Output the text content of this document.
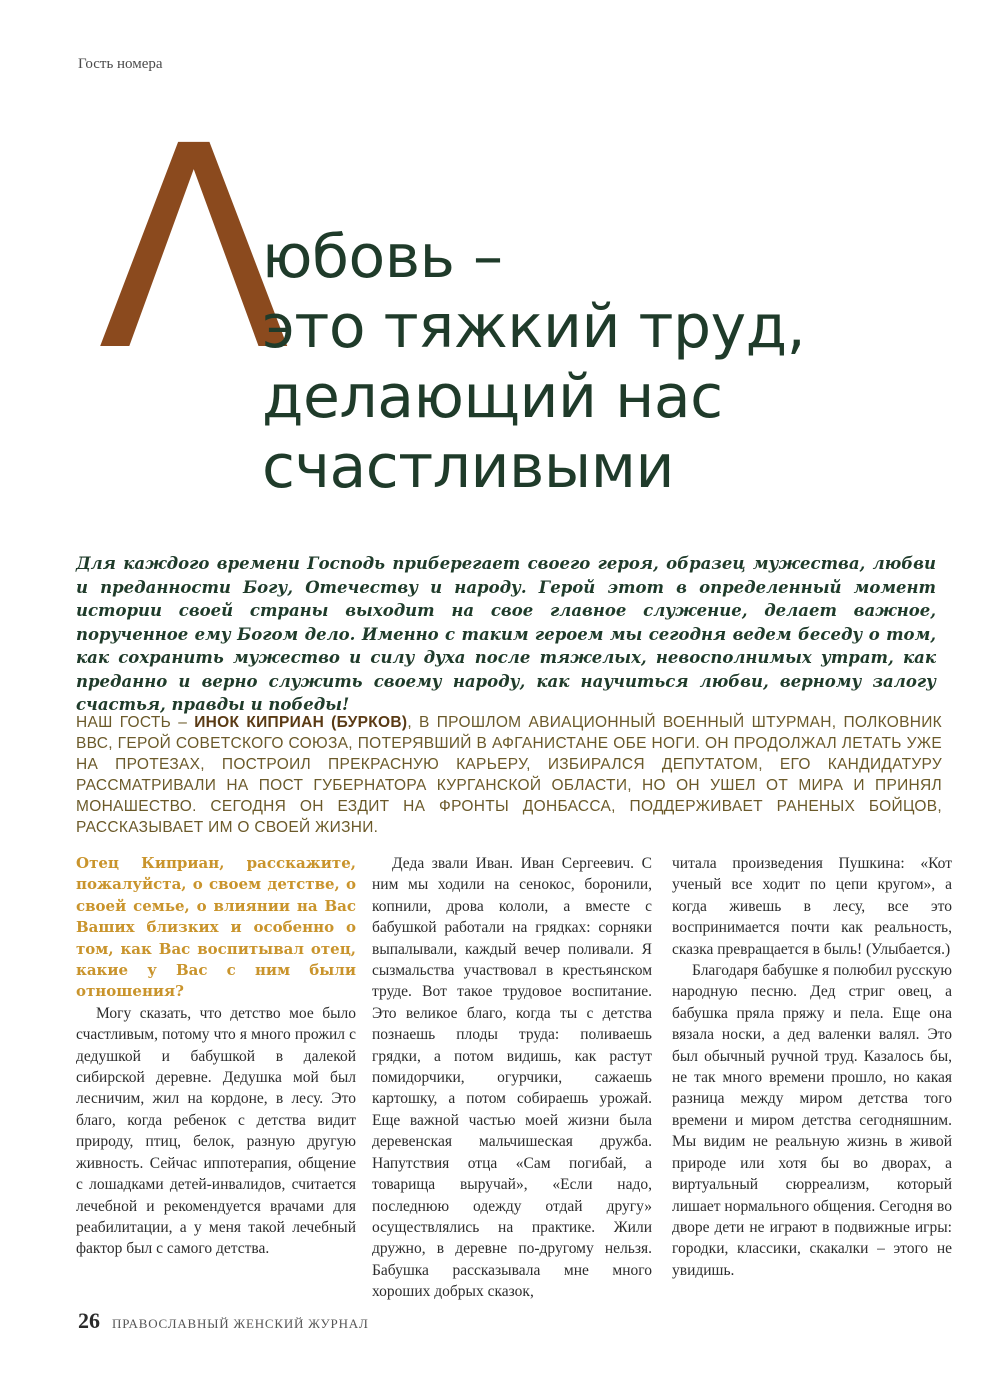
Гость номера
Λ
юбовь –
это тяжкий труд,
делающий нас
счастливыми

Для каждого времени Господь приберегает своего героя, образец мужества, любви и преданности Богу, Отечеству и народу. Герой этот в определенный момент истории своей страны выходит на свое главное служение, делает важное, порученное ему Богом дело. Именно с таким героем мы сегодня ведем беседу о том, как сохранить мужество и силу духа после тяжелых, невосполнимых утрат, как преданно и верно служить своему народу, как научиться любви, верному залогу счастья, правды и победы!

НАШ ГОСТЬ – ИНОК КИПРИАН (БУРКОВ), В ПРОШЛОМ АВИАЦИОННЫЙ ВОЕННЫЙ ШТУРМАН, ПОЛКОВНИК ВВС, ГЕРОЙ СОВЕТСКОГО СОЮЗА, ПОТЕРЯВШИЙ В АФГАНИСТАНЕ ОБЕ НОГИ. ОН ПРОДОЛЖАЛ ЛЕТАТЬ УЖЕ НА ПРОТЕЗАХ, ПОСТРОИЛ ПРЕКРАСНУЮ КАРЬЕРУ, ИЗБИРАЛСЯ ДЕПУТАТОМ, ЕГО КАНДИДАТУРУ РАССМАТРИВАЛИ НА ПОСТ ГУБЕРНАТОРА КУРГАНСКОЙ ОБЛАСТИ, НО ОН УШЕЛ ОТ МИРА И ПРИНЯЛ МОНАШЕСТВО. СЕГОДНЯ ОН ЕЗДИТ НА ФРОНТЫ ДОНБАССА, ПОДДЕРЖИВАЕТ РАНЕНЫХ БОЙЦОВ, РАССКАЗЫВАЕТ ИМ О СВОЕЙ ЖИЗНИ.

Отец Киприан, расскажите, пожалуйста, о своем детстве, о своей семье, о влиянии на Вас Ваших близких и особенно о том, как Вас воспитывал отец, какие у Вас с ним были отношения?

Могу сказать, что детство мое было счастливым, потому что я много прожил с дедушкой и бабушкой в далекой сибирской деревне. Дедушка мой был лесничим, жил на кордоне, в лесу. Это благо, когда ребенок с детства видит природу, птиц, белок, разную другую живность. Сейчас иппотерапия, общение с лошадками детей-инвалидов, считается лечебной и рекомендуется врачами для реабилитации, а у меня такой лечебный фактор был с самого детства.

Деда звали Иван. Иван Сергеевич. С ним мы ходили на сенокос, боронили, копнили, дрова кололи, а вместе с бабушкой работали на грядках: сорняки выпалывали, каждый вечер поливали. Я сызмальства участвовал в крестьянском труде. Вот такое трудовое воспитание. Это великое благо, когда ты с детства познаешь плоды труда: поливаешь грядки, а потом видишь, как растут помидорчики, огурчики, сажаешь картошку, а потом собираешь урожай. Еще важной частью моей жизни была деревенская мальчишеская дружба. Напутствия отца «Сам погибай, а товарища выручай», «Если надо, последнюю одежду отдай другу» осуществлялись на практике. Жили дружно, в деревне по-другому нельзя. Бабушка рассказывала мне много хороших добрых сказок,

читала произведения Пушкина: «Кот ученый все ходит по цепи кругом», а когда живешь в лесу, все это воспринимается почти как реальность, сказка превращается в быль! (Улыбается.)

Благодаря бабушке я полюбил русскую народную песню. Дед стриг овец, а бабушка пряла пряжу и пела. Еще она вязала носки, а дед валенки валял. Это был обычный ручной труд. Казалось бы, не так много времени прошло, но какая разница между миром детства того времени и миром детства сегодняшним. Мы видим не реальную жизнь в живой природе или хотя бы во дворах, а виртуальный сюрреализм, который лишает нормального общения. Сегодня во дворе дети не играют в подвижные игры: городки, классики, скакалки – этого не увидишь.

26 ПРАВОСЛАВНЫЙ ЖЕНСКИЙ ЖУРНАЛ
